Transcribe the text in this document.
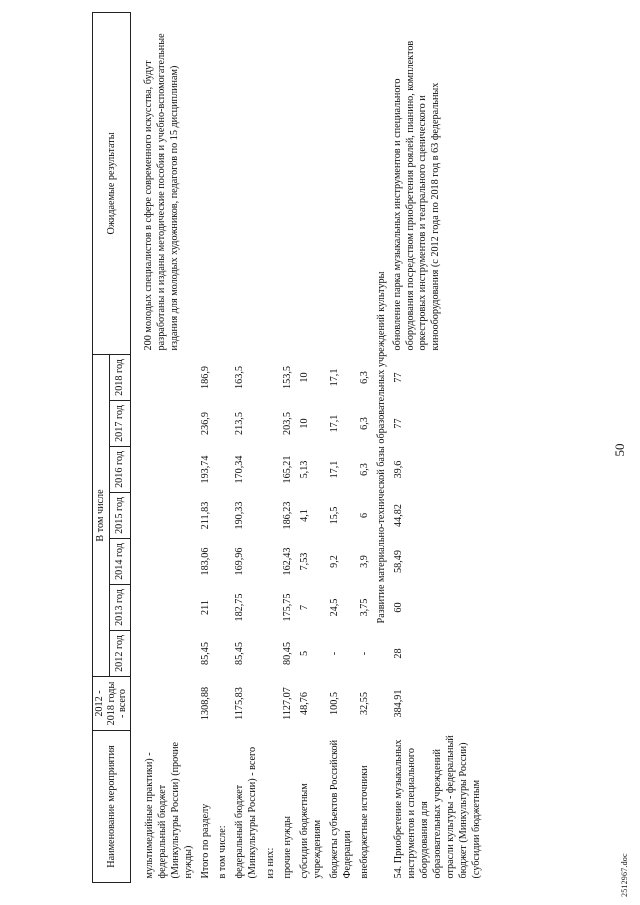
50
Наименование мероприятия	2012 - 2018 годы - всего	В том числе							Ожидаемые результаты
		2012 год	2013 год	2014 год	2015 год	2016 год	2017 год	2018 год	

мультимедийные практики) - федеральный бюджет (Минкультуры России) (прочие нужды)									200 молодых специалистов в сфере современного искусства, будут разработаны и изданы методические пособия и учебно-вспомогательные издания для молодых художников, педагогов по 15 дисциплинам)
Итого по разделу	1308,88	85,45	211	183,06	211,83	193,74	236,9	186,9	
в том числе:									
федеральный бюджет (Минкультуры России) - всего	1175,83	85,45	182,75	169,96	190,33	170,34	213,5	163,5	
из них:									
прочие нужды	1127,07	80,45	175,75	162,43	186,23	165,21	203,5	153,5	
субсидии бюджетным учреждениям	48,76	5	7	7,53	4,1	5,13	10	10	
бюджеты субъектов Российской Федерации	100,5	-	24,5	9,2	15,5	17,1	17,1	17,1	
внебюджетные источники	32,55	-	3,75	3,9	6	6,3	6,3	6,3	
Развитие материально-технической базы образовательных учреждений культуры									
54. Приобретение музыкальных инструментов и специального оборудования для образовательных учреждений отрасли культуры - федеральный бюджет (Минкультуры России) (субсидии бюджетным	384,91	28	60	58,49	44,82	39,6	77	77	обновление парка музыкальных инструментов и специального оборудования посредством приобретения роялей, пианино, комплектов оркестровых инструментов и театрального сценического и кинооборудования (с 2012 года по 2018 год в 63 федеральных
2512967.doc
